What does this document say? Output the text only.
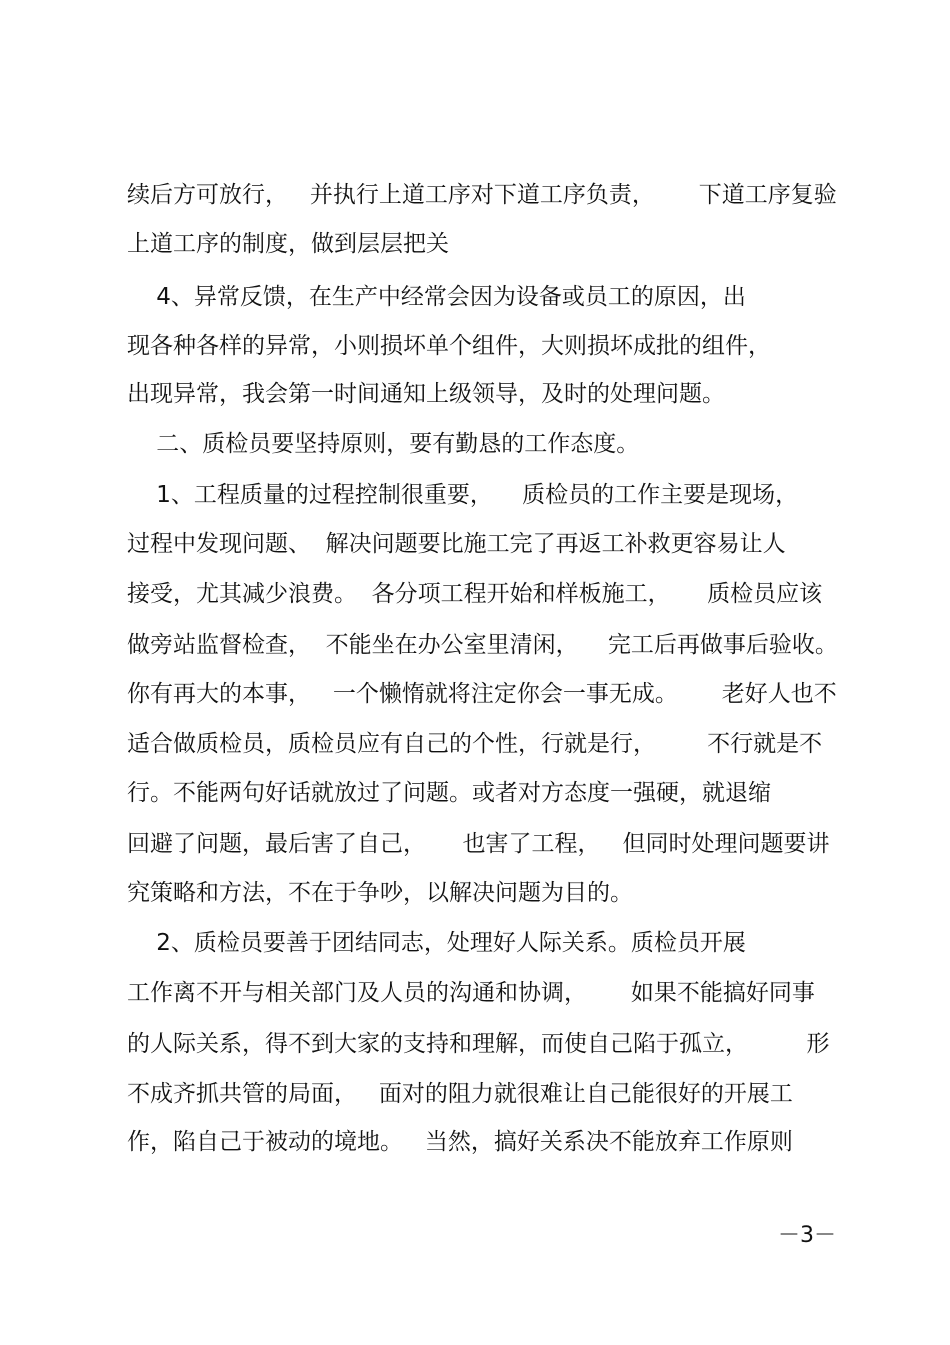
续后方可放行，   并执行上道工序对下道工序负责，      下道工序复验
上道工序的制度，做到层层把关
4、异常反馈，在生产中经常会因为设备或员工的原因，出
现各种各样的异常，小则损坏单个组件，大则损坏成批的组件，
出现异常，我会第一时间通知上级领导，及时的处理问题。
二、质检员要坚持原则，要有勤恳的工作态度。
1、工程质量的过程控制很重要，    质检员的工作主要是现场，
过程中发现问题、  解决问题要比施工完了再返工补救更容易让人
接受，尤其减少浪费。  各分项工程开始和样板施工，     质检员应该
做旁站监督检查，  不能坐在办公室里清闲，    完工后再做事后验收。
你有再大的本事，   一个懒惰就将注定你会一事无成。      老好人也不
适合做质检员，质检员应有自己的个性，行就是行，       不行就是不
行。不能两句好话就放过了问题。或者对方态度一强硬，就退缩
回避了问题，最后害了自己，     也害了工程，   但同时处理问题要讲
究策略和方法，不在于争吵，以解决问题为目的。
2、质检员要善于团结同志，处理好人际关系。质检员开展
工作离不开与相关部门及人员的沟通和协调，      如果不能搞好同事
的人际关系，得不到大家的支持和理解，而使自己陷于孤立，        形
不成齐抓共管的局面，   面对的阻力就很难让自己能很好的开展工
作，陷自己于被动的境地。   当然，搞好关系决不能放弃工作原则
－3－
